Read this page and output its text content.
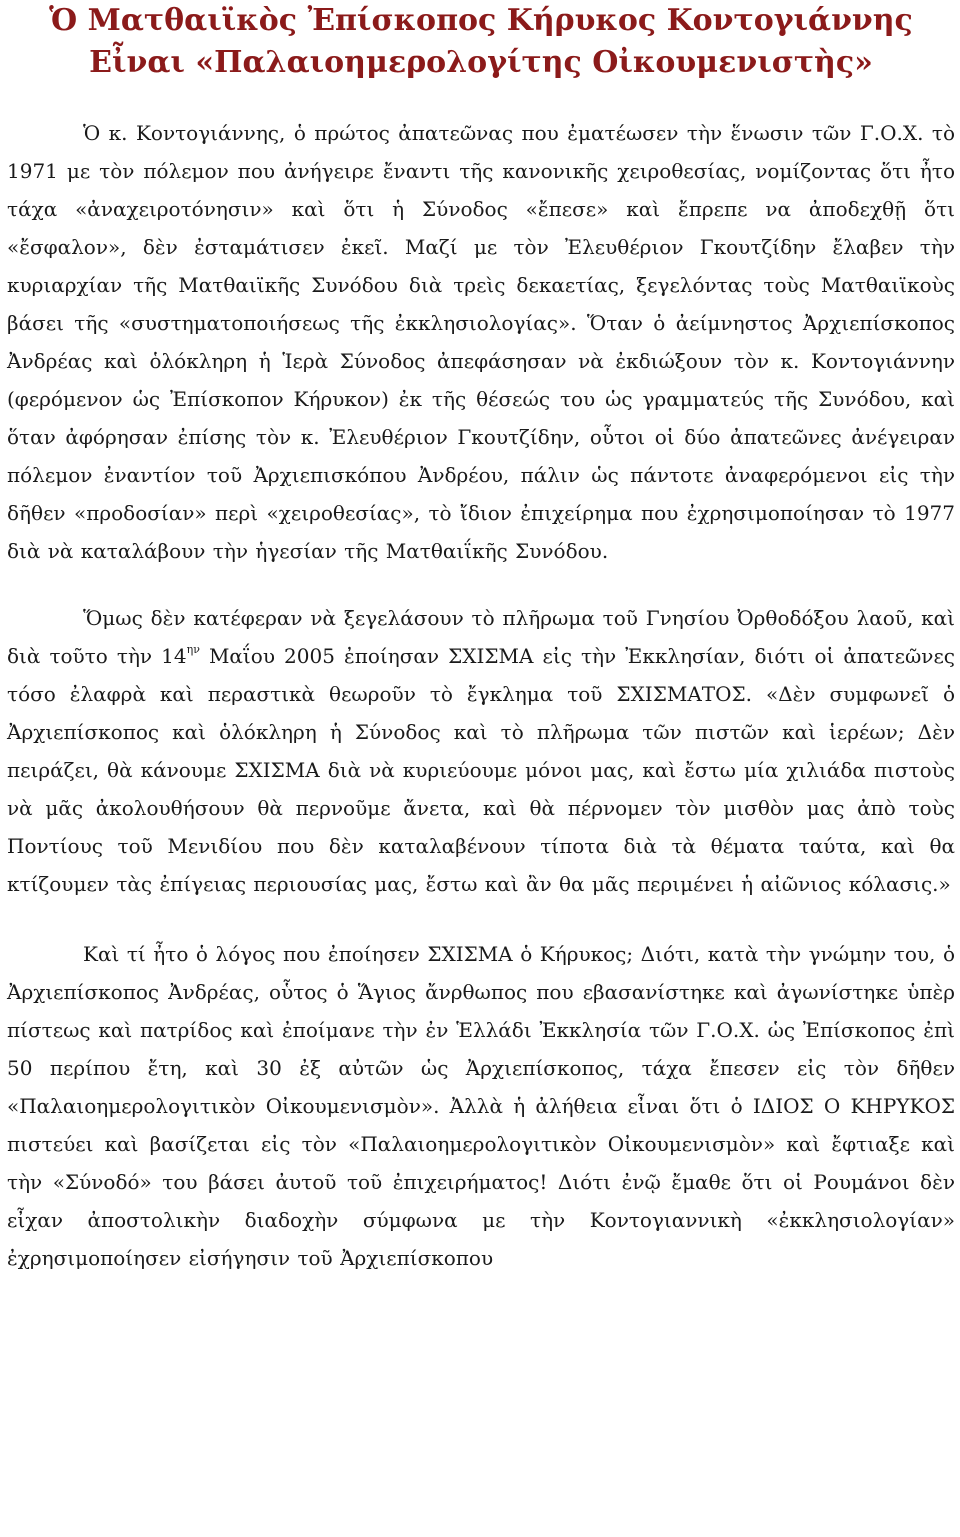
Ὁ Ματθαιϊκὸς Ἐπίσκοπος Κήρυκος Κοντογιάννης
Εἶναι «Παλαιοημερολογίτης Οἰκουμενιστὴς»

Ὁ κ. Κοντογιάννης, ὁ πρώτος ἀπατεῶνας που ἐματέωσεν τὴν ἕνωσιν τῶν Γ.Ο.Χ. τὸ 1971 με τὸν πόλεμον που ἀνήγειρε ἔναντι τῆς κανονικῆς χειροθεσίας, νομίζοντας ὅτι ἦτο τάχα «ἀναχειροτόνησιν» καὶ ὅτι ἡ Σύνοδος «ἔπεσε» καὶ ἔπρεπε να ἀποδεχθῇ ὅτι «ἔσφαλον», δὲν ἐσταμάτισεν ἐκεῖ. Μαζί με τὸν Ἐλευθέριον Γκουτζίδην ἔλαβεν τὴν κυριαρχίαν τῆς Ματθαιϊκῆς Συνόδου διὰ τρεὶς δεκαετίας, ξεγελόντας τοὺς Ματθαιϊκοὺς βάσει τῆς «συστηματοποιήσεως τῆς ἐκκλησιολογίας». Ὅταν ὁ ἀείμνηστος Ἀρχιεπίσκοπος Ἀνδρέας καὶ ὁλόκληρη ἡ Ἱερὰ Σύνοδος ἀπεφάσησαν νὰ ἐκδιώξουν τὸν κ. Κοντογιάννην (φερόμενον ὡς Ἐπίσκοπον Κήρυκον) ἐκ τῆς θέσεώς του ὡς γραμματεύς τῆς Συνόδου, καὶ ὅταν ἀφόρησαν ἐπίσης τὸν κ. Ἐλευθέριον Γκουτζίδην, οὗτοι οἱ δύο ἀπατεῶνες ἀνέγειραν πόλεμον ἐναντίον τοῦ Ἀρχιεπισκόπου Ἀνδρέου, πάλιν ὡς πάντοτε ἀναφερόμενοι εἰς τὴν δῆθεν «προδοσίαν» περὶ «χειροθεσίας», τὸ ἴδιον ἐπιχείρημα που ἐχρησιμοποίησαν τὸ 1977 διὰ νὰ καταλάβουν τὴν ἡγεσίαν τῆς Ματθαιΐκῆς Συνόδου.

Ὅμως δὲν κατέφεραν νὰ ξεγελάσουν τὸ πλῆρωμα τοῦ Γνησίου Ὀρθοδόξου λαοῦ, καὶ διὰ τοῦτο τὴν $14^{\eta\nu}$ Μαΐου 2005 ἐποίησαν ΣΧΙΣΜΑ εἰς τὴν Ἐκκλησίαν, διότι οἱ ἀπατεῶνες τόσο ἐλαφρὰ καὶ περαστικὰ θεωροῦν τὸ ἔγκλημα τοῦ ΣΧΙΣΜΑΤΟΣ. «Δὲν συμφωνεῖ ὁ Ἀρχιεπίσκοπος καὶ ὁλόκληρη ἡ Σύνοδος καὶ τὸ πλῆρωμα τῶν πιστῶν καὶ ἱερέων; Δὲν πειράζει, θὰ κάνουμε ΣΧΙΣΜΑ διὰ νὰ κυριεύουμε μόνοι μας, καὶ ἔστω μία χιλιάδα πιστοὺς νὰ μᾶς ἀκολουθήσουν θὰ περνοῦμε ἄνετα, καὶ θὰ πέρνομεν τὸν μισθὸν μας ἀπὸ τοὺς Ποντίους τοῦ Μενιδίου που δὲν καταλαβένουν τίποτα διὰ τὰ θέματα ταύτα, καὶ θα κτίζουμεν τὰς ἐπίγειας περιουσίας μας, ἔστω καὶ ἂν θα μᾶς περιμένει ἡ αἰῶνιος κόλασις.»

Καὶ τί ἦτο ὁ λόγος που ἐποίησεν ΣΧΙΣΜΑ ὁ Κήρυκος; Διότι, κατὰ τὴν γνώμην του, ὁ Ἀρχιεπίσκοπος Ἀνδρέας, οὗτος ὁ Ἅγιος ἄνρθωπος που εβασανίστηκε καὶ ἀγωνίστηκε ὑπὲρ πίστεως καὶ πατρίδος καὶ ἐποίμανε τὴν ἐν Ἑλλάδι Ἐκκλησία τῶν Γ.Ο.Χ. ὡς Ἐπίσκοπος ἐπὶ 50 περίπου ἔτη, καὶ 30 ἐξ αὐτῶν ὡς Ἀρχιεπίσκοπος, τάχα ἔπεσεν εἰς τὸν δῆθεν «Παλαιοημερολογιτικὸν Οἰκουμενισμὸν». Ἀλλὰ ἡ ἀλήθεια εἶναι ὅτι ὁ ΙΔΙΟΣ Ο ΚΗΡΥΚΟΣ πιστεύει καὶ βασίζεται εἰς τὸν «Παλαιοημερολογιτικὸν Οἰκουμενισμὸν» καὶ ἔφτιαξε καὶ τὴν «Σύνοδό» του βάσει ἀυτοῦ τοῦ ἐπιχειρήματος! Διότι ἐνῷ ἔμαθε ὅτι οἱ Ρουμάνοι δὲν εἶχαν ἀποστολικὴν διαδοχὴν σύμφωνα με τὴν Κοντογιαννικὴ «ἐκκλησιολογίαν» ἐχρησιμοποίησεν εἰσήγησιν τοῦ Ἀρχιεπίσκοπου
